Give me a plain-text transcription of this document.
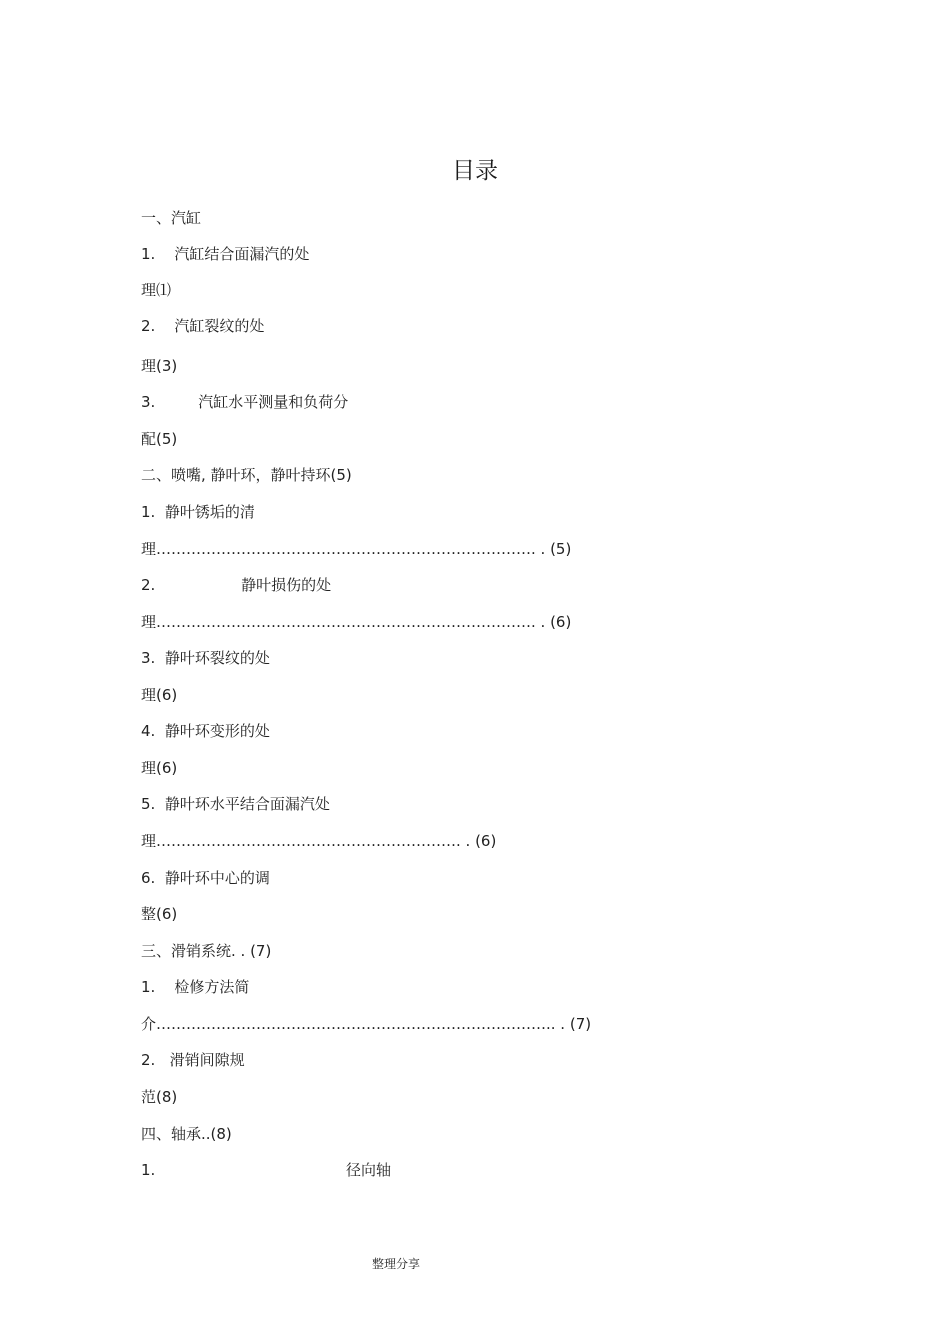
目录
一、汽缸
1.    汽缸结合面漏汽的处
理⑴
2.    汽缸裂纹的处
理(3)
3.         汽缸水平测量和负荷分
配(5)
二、喷嘴, 静叶环，静叶持环(5)
1.  静叶锈垢的清
理…………………………………………………………………. . (5)
2.                  静叶损伤的处
理…………………………………………………………………. . (6)
3.  静叶环裂纹的处
理(6)
4.  静叶环变形的处
理(6)
5.  静叶环水平结合面漏汽处
理……………………………………………………. . (6)
6.  静叶环中心的调
整(6)
三、滑销系统. . (7)
1.    检修方法简
介…………………………………………………………………….. . (7)
2.   滑销间隙规
范(8)
四、轴承..(8)
1.                                        径向轴
整理分享
